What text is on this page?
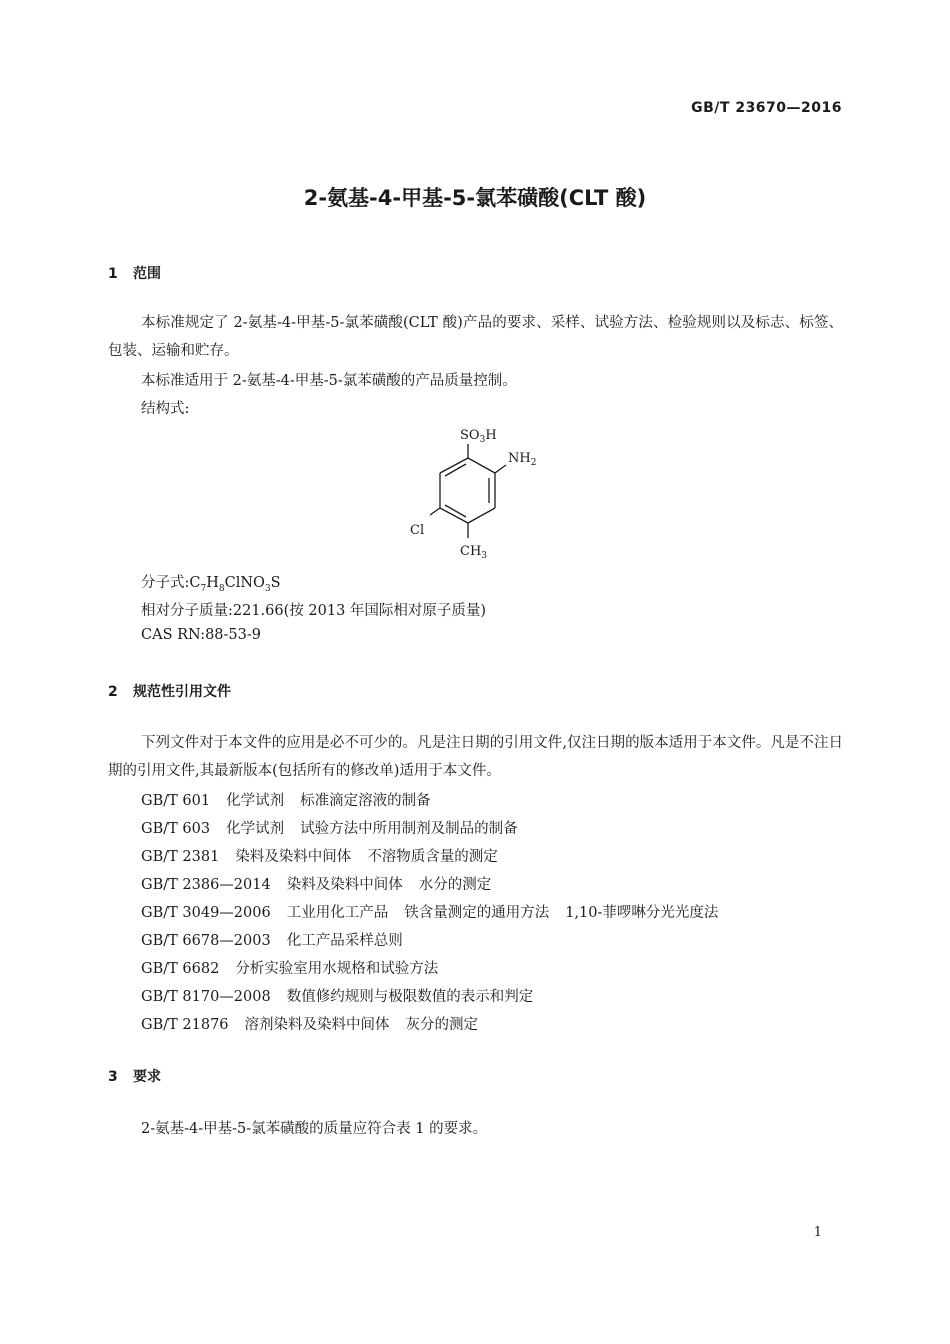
GB/T 23670—2016
2-氨基-4-甲基-5-氯苯磺酸(CLT 酸)
1 范围
本标准规定了 2-氨基-4-甲基-5-氯苯磺酸(CLT 酸)产品的要求、采样、试验方法、检验规则以及标志、标签、包装、运输和贮存。
本标准适用于 2-氨基-4-甲基-5-氯苯磺酸的产品质量控制。
结构式:
$SO_3H$
$NH_2$
Cl
$CH_3$
分子式$:C_7H_8ClNO_3S$
相对分子质量:221.66(按 2013 年国际相对原子质量)
CAS RN:88-53-9
2 规范性引用文件
下列文件对于本文件的应用是必不可少的。凡是注日期的引用文件,仅注日期的版本适用于本文件。凡是不注日期的引用文件,其最新版本(包括所有的修改单)适用于本文件。
GB/T 601 化学试剂 标准滴定溶液的制备
GB/T 603 化学试剂 试验方法中所用制剂及制品的制备
GB/T 2381 染料及染料中间体 不溶物质含量的测定
GB/T 2386—2014 染料及染料中间体 水分的测定
GB/T 3049—2006 工业用化工产品 铁含量测定的通用方法 1,10-菲啰啉分光光度法
GB/T 6678—2003 化工产品采样总则
GB/T 6682 分析实验室用水规格和试验方法
GB/T 8170—2008 数值修约规则与极限数值的表示和判定
GB/T 21876 溶剂染料及染料中间体 灰分的测定
3 要求
2-氨基-4-甲基-5-氯苯磺酸的质量应符合表 1 的要求。
1
